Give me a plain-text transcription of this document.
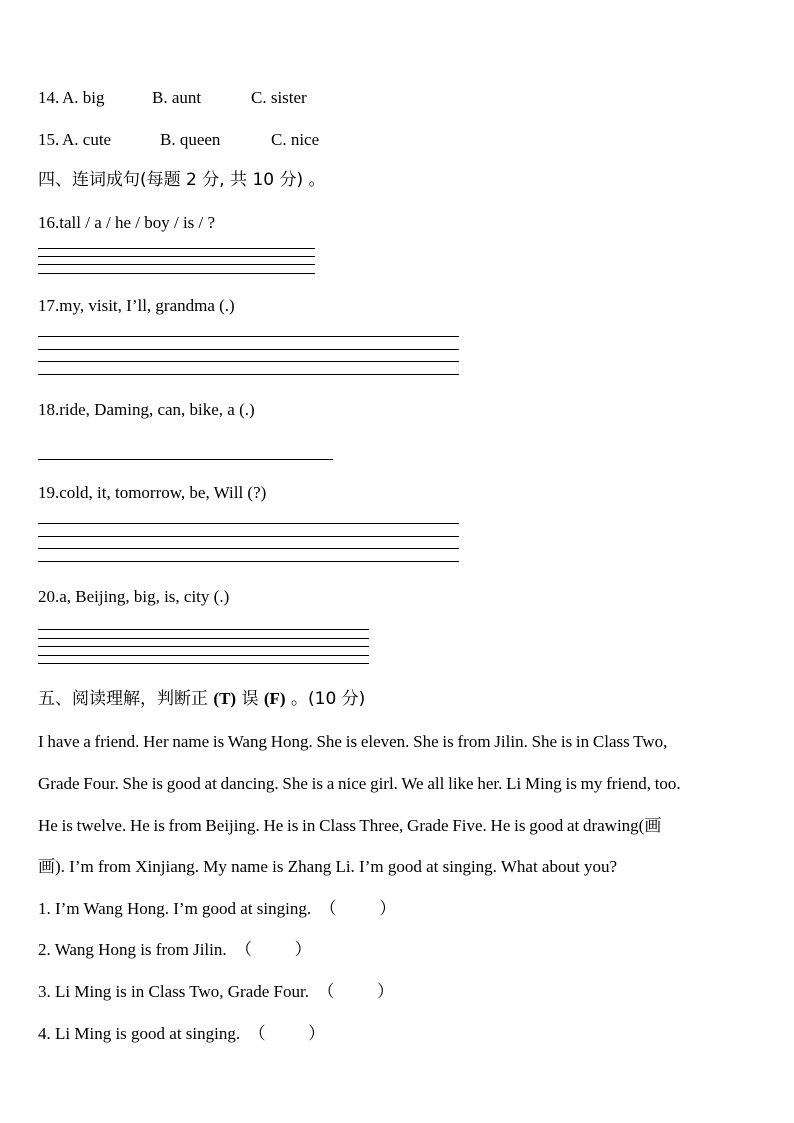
14. A. big	B. aunt	C. sister
15. A. cute	B. queen	C. nice
四、连词成句(每题 2 分, 共 10 分) 。
16.tall / a / he / boy / is / ?
17.my, visit, I’ll, grandma (.)
18.ride, Daming, can, bike, a (.)
19.cold, it, tomorrow, be, Will (?)
20.a, Beijing, big, is, city (.)
五、阅读理解，判断正 (T) 误 (F) 。(10 分)
I have a friend. Her name is Wang Hong. She is eleven. She is from Jilin. She is in Class Two,
Grade Four. She is good at dancing. She is a nice girl. We all like her. Li Ming is my friend, too.
He is twelve. He is from Beijing. He is in Class Three, Grade Five. He is good at drawing(画
画). I’m from Xinjiang. My name is Zhang Li. I’m good at singing. What about you?
1. I’m Wang Hong. I’m good at singing.  （          ）
2. Wang Hong is from Jilin.  （          ）
3. Li Ming is in Class Two, Grade Four.  （          ）
4. Li Ming is good at singing.  （          ）
